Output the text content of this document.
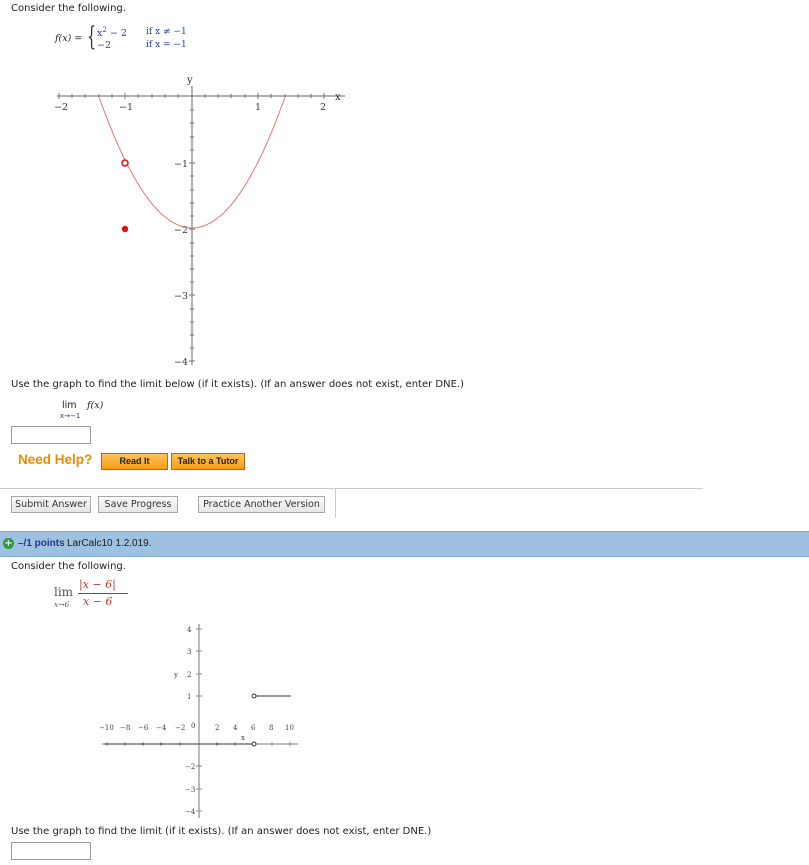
Consider the following.
f(x) = { $x^2 - 2$ if x ≠ −1
−2	if x = −1
y
x
−2	−1	1	2
−1
−2
−3
−4
Use the graph to find the limit below (if it exists). (If an answer does not exist, enter DNE.)
lim f(x)
x→−1
Need Help?	Read It	Talk to a Tutor
Submit Answer	Save Progress	Practice Another Version
+ –/1 points LarCalc10 1.2.019.
Consider the following.
lim
x→6
|x − 6|
x − 6
4
3
y 2
1
−2
−3
−4
−10 −8 −6 −4 −2 0	2 4 6 8 10
x
Use the graph to find the limit (if it exists). (If an answer does not exist, enter DNE.)
